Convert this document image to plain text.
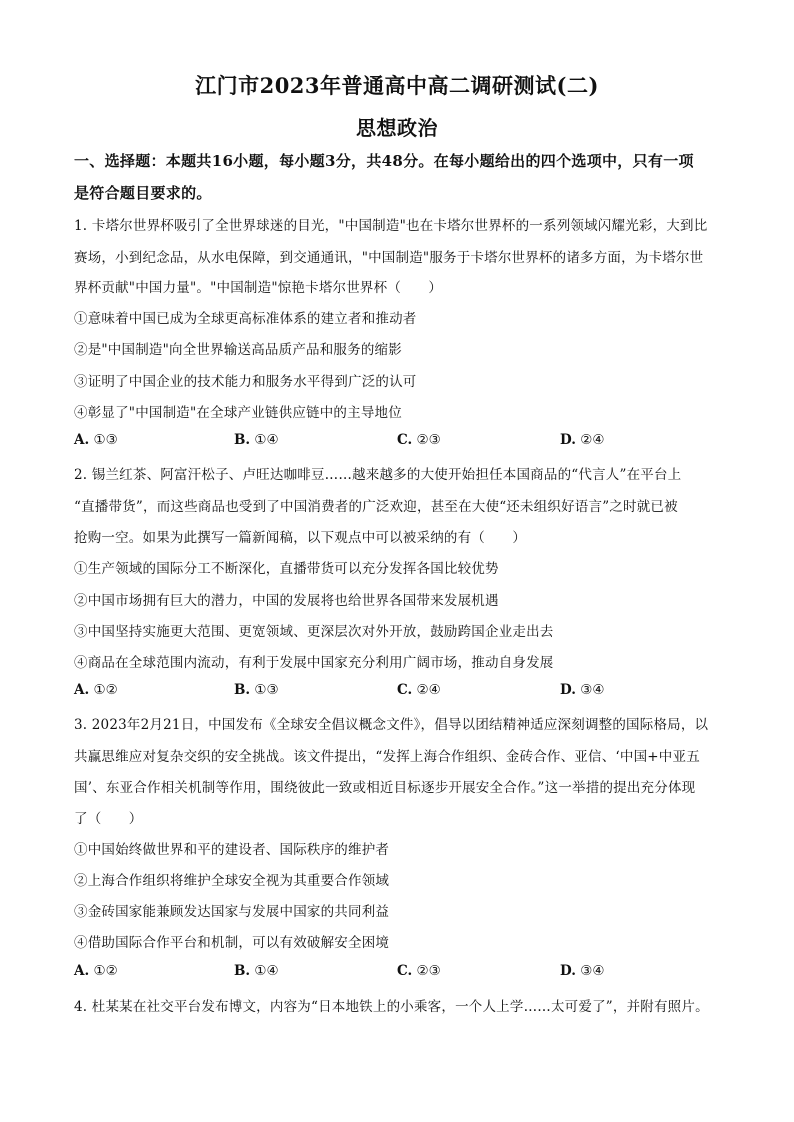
江门市2023年普通高中高二调研测试(二)
思想政治
一、选择题：本题共16小题，每小题3分，共48分。在每小题给出的四个选项中，只有一项
是符合题目要求的。
1. 卡塔尔世界杯吸引了全世界球迷的目光，"中国制造"也在卡塔尔世界杯的一系列领域闪耀光彩，大到比
赛场，小到纪念品，从水电保障，到交通通讯，"中国制造"服务于卡塔尔世界杯的诸多方面，为卡塔尔世
界杯贡献"中国力量"。"中国制造"惊艳卡塔尔世界杯（　　）
①意味着中国已成为全球更高标准体系的建立者和推动者
②是"中国制造"向全世界输送高品质产品和服务的缩影
③证明了中国企业的技术能力和服务水平得到广泛的认可
④彰显了"中国制造"在全球产业链供应链中的主导地位
A. ①③	B. ①④	C. ②③	D. ②④
2. 锡兰红茶、阿富汗松子、卢旺达咖啡豆……越来越多的大使开始担任本国商品的“代言人”在平台上
“直播带货”，而这些商品也受到了中国消费者的广泛欢迎，甚至在大使“还未组织好语言”之时就已被
抢购一空。如果为此撰写一篇新闻稿，以下观点中可以被采纳的有（　　）
①生产领域的国际分工不断深化，直播带货可以充分发挥各国比较优势
②中国市场拥有巨大的潜力，中国的发展将也给世界各国带来发展机遇
③中国坚持实施更大范围、更宽领域、更深层次对外开放，鼓励跨国企业走出去
④商品在全球范围内流动，有利于发展中国家充分利用广阔市场，推动自身发展
A. ①②	B. ①③	C. ②④	D. ③④
3. 2023年2月21日，中国发布《全球安全倡议概念文件》，倡导以团结精神适应深刻调整的国际格局，以
共赢思维应对复杂交织的安全挑战。该文件提出，“发挥上海合作组织、金砖合作、亚信、‘中国+中亚五
国’、东亚合作相关机制等作用，围绕彼此一致或相近目标逐步开展安全合作。”这一举措的提出充分体现
了（　　）
①中国始终做世界和平的建设者、国际秩序的维护者
②上海合作组织将维护全球安全视为其重要合作领域
③金砖国家能兼顾发达国家与发展中国家的共同利益
④借助国际合作平台和机制，可以有效破解安全困境
A. ①②	B. ①④	C. ②③	D. ③④
4. 杜某某在社交平台发布博文，内容为“日本地铁上的小乘客，一个人上学……太可爱了”，并附有照片。
